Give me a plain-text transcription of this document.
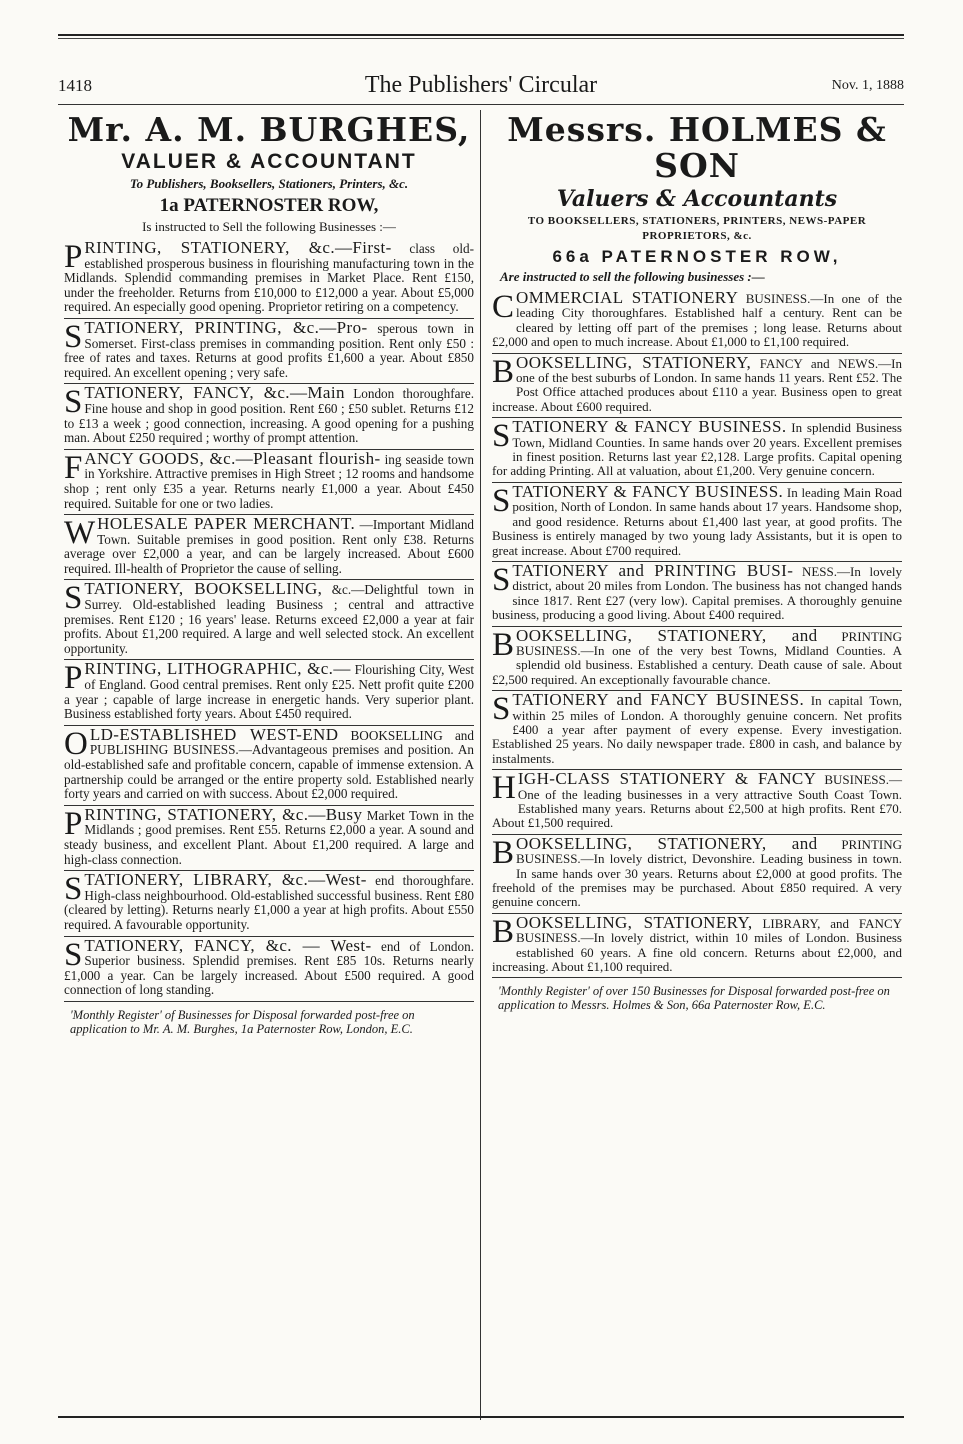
1418	The Publishers' Circular	Nov. 1, 1888
Mr. A. M. BURGHES,
VALUER & ACCOUNTANT
To Publishers, Booksellers, Stationers, Printers, &c.
1a PATERNOSTER ROW,
Is instructed to Sell the following Businesses :—

PRINTING, STATIONERY, &c.—First- class old-established prosperous business in flourishing manufacturing town in the Midlands. Splendid commanding premises in Market Place. Rent £150, under the freeholder. Returns from £10,000 to £12,000 a year. About £5,000 required. An especially good opening. Proprietor retiring on a competency.

STATIONERY, PRINTING, &c.—Pro- sperous town in Somerset. First-class premises in commanding position. Rent only £50 : free of rates and taxes. Returns at good profits £1,600 a year. About £850 required. An excellent opening ; very safe.

STATIONERY, FANCY, &c.—Main London thoroughfare. Fine house and shop in good position. Rent £60 ; £50 sublet. Returns £12 to £13 a week ; good connection, increasing. A good opening for a pushing man. About £250 required ; worthy of prompt attention.

FANCY GOODS, &c.—Pleasant flourish- ing seaside town in Yorkshire. Attractive premises in High Street ; 12 rooms and handsome shop ; rent only £35 a year. Returns nearly £1,000 a year. About £450 required. Suitable for one or two ladies.

WHOLESALE PAPER MERCHANT. —Important Midland Town. Suitable premises in good position. Rent only £38. Returns average over £2,000 a year, and can be largely increased. About £600 required. Ill-health of Proprietor the cause of selling.

STATIONERY, BOOKSELLING, &c.—Delightful town in Surrey. Old-established leading Business ; central and attractive premises. Rent £120 ; 16 years' lease. Returns exceed £2,000 a year at fair profits. About £1,200 required. A large and well selected stock. An excellent opportunity.

PRINTING, LITHOGRAPHIC, &c.— Flourishing City, West of England. Good central premises. Rent only £25. Nett profit quite £200 a year ; capable of large increase in energetic hands. Very superior plant. Business established forty years. About £450 required.

OLD-ESTABLISHED WEST-END BOOKSELLING and PUBLISHING BUSINESS.—Advantageous premises and position. An old-established safe and profitable concern, capable of immense extension. A partnership could be arranged or the entire property sold. Established nearly forty years and carried on with success. About £2,000 required.

PRINTING, STATIONERY, &c.—Busy Market Town in the Midlands ; good premises. Rent £55. Returns £2,000 a year. A sound and steady business, and excellent Plant. About £1,200 required. A large and high-class connection.

STATIONERY, LIBRARY, &c.—West- end thoroughfare. High-class neighbourhood. Old-established successful business. Rent £80 (cleared by letting). Returns nearly £1,000 a year at high profits. About £550 required. A favourable opportunity.

STATIONERY, FANCY, &c. — West- end of London. Superior business. Splendid premises. Rent £85 10s. Returns nearly £1,000 a year. Can be largely increased. About £500 required. A good connection of long standing.

'Monthly Register' of Businesses for Disposal forwarded post-free on application to Mr. A. M. Burghes, 1a Paternoster Row, London, E.C.
Messrs. HOLMES & SON
Valuers & Accountants
TO BOOKSELLERS, STATIONERS, PRINTERS, NEWS-PAPER PROPRIETORS, &c.
66a PATERNOSTER ROW,
Are instructed to sell the following businesses :—

COMMERCIAL STATIONERY BUSINESS.—In one of the leading City thoroughfares. Established half a century. Rent can be cleared by letting off part of the premises ; long lease. Returns about £2,000 and open to much increase. About £1,000 to £1,100 required.

BOOKSELLING, STATIONERY, FANCY and NEWS.—In one of the best suburbs of London. In same hands 11 years. Rent £52. The Post Office attached produces about £110 a year. Business open to great increase. About £600 required.

STATIONERY & FANCY BUSINESS. In splendid Business Town, Midland Counties. In same hands over 20 years. Excellent premises in finest position. Returns last year £2,128. Large profits. Capital opening for adding Printing. All at valuation, about £1,200. Very genuine concern.

STATIONERY & FANCY BUSINESS. In leading Main Road position, North of London. In same hands about 17 years. Handsome shop, and good residence. Returns about £1,400 last year, at good profits. The Business is entirely managed by two young lady Assistants, but it is open to great increase. About £700 required.

STATIONERY and PRINTING BUSI- NESS.—In lovely district, about 20 miles from London. The business has not changed hands since 1817. Rent £27 (very low). Capital premises. A thoroughly genuine business, producing a good living. About £400 required.

BOOKSELLING, STATIONERY, and PRINTING BUSINESS.—In one of the very best Towns, Midland Counties. A splendid old business. Established a century. Death cause of sale. About £2,500 required. An exceptionally favourable chance.

STATIONERY and FANCY BUSINESS. In capital Town, within 25 miles of London. A thoroughly genuine concern. Net profits £400 a year after payment of every expense. Every investigation. Established 25 years. No daily newspaper trade. £800 in cash, and balance by instalments.

HIGH-CLASS STATIONERY & FANCY BUSINESS.—One of the leading businesses in a very attractive South Coast Town. Established many years. Returns about £2,500 at high profits. Rent £70. About £1,500 required.

BOOKSELLING, STATIONERY, and PRINTING BUSINESS.—In lovely district, Devonshire. Leading business in town. In same hands over 30 years. Returns about £2,000 at good profits. The freehold of the premises may be purchased. About £850 required. A very genuine concern.

BOOKSELLING, STATIONERY, LIBRARY, and FANCY BUSINESS.—In lovely district, within 10 miles of London. Business established 60 years. A fine old concern. Returns about £2,000, and increasing. About £1,100 required.

'Monthly Register' of over 150 Businesses for Disposal forwarded post-free on application to Messrs. Holmes & Son, 66a Paternoster Row, E.C.
